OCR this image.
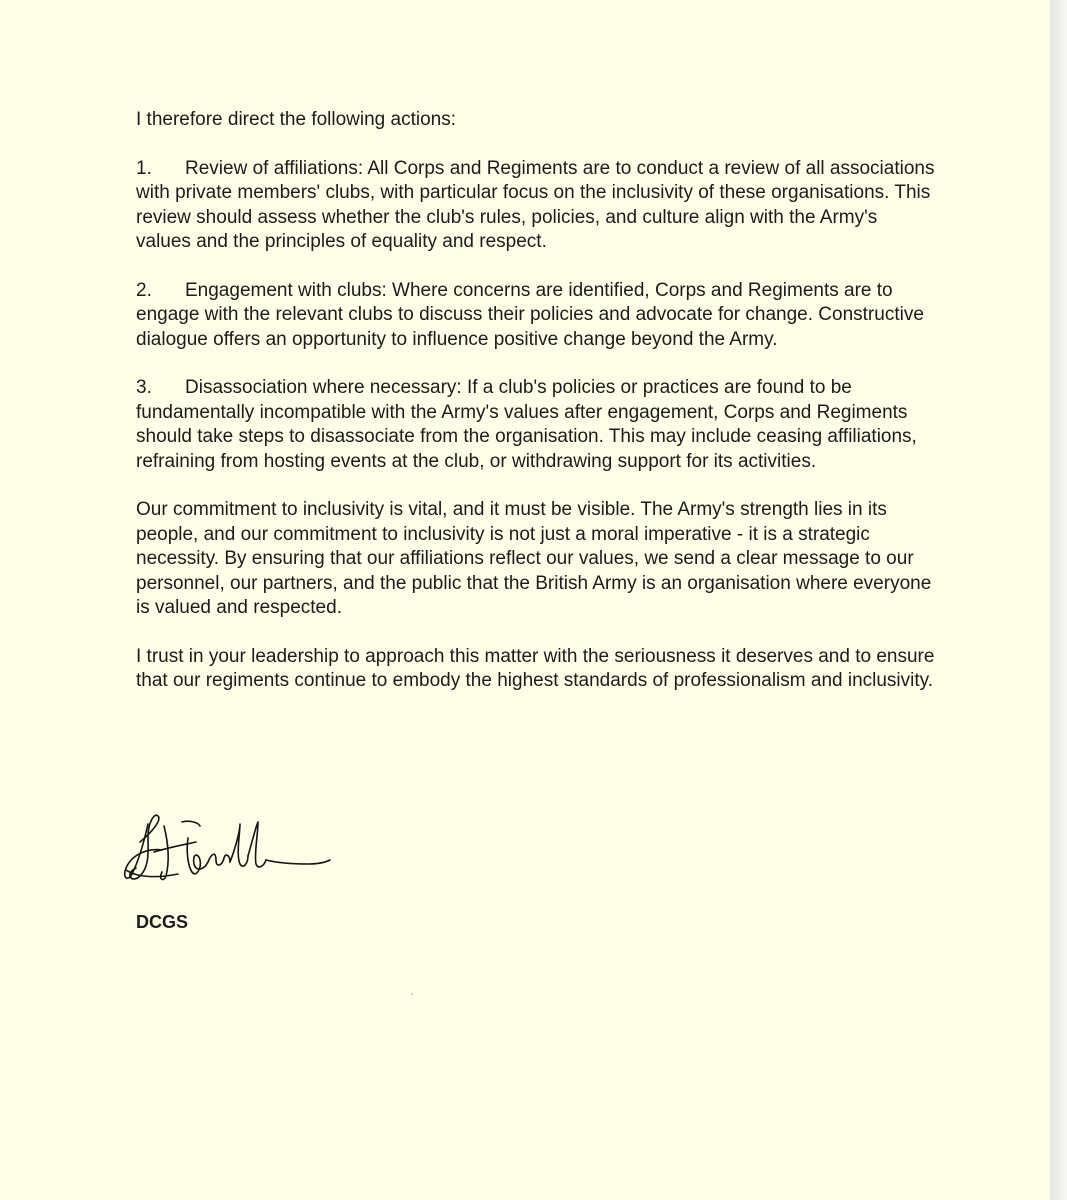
I therefore direct the following actions:

1. Review of affiliations: All Corps and Regiments are to conduct a review of all associations with private members' clubs, with particular focus on the inclusivity of these organisations. This review should assess whether the club's rules, policies, and culture align with the Army's values and the principles of equality and respect.

2. Engagement with clubs: Where concerns are identified, Corps and Regiments are to engage with the relevant clubs to discuss their policies and advocate for change. Constructive dialogue offers an opportunity to influence positive change beyond the Army.

3. Disassociation where necessary: If a club's policies or practices are found to be fundamentally incompatible with the Army's values after engagement, Corps and Regiments should take steps to disassociate from the organisation. This may include ceasing affiliations, refraining from hosting events at the club, or withdrawing support for its activities.

Our commitment to inclusivity is vital, and it must be visible. The Army's strength lies in its people, and our commitment to inclusivity is not just a moral imperative - it is a strategic necessity. By ensuring that our affiliations reflect our values, we send a clear message to our personnel, our partners, and the public that the British Army is an organisation where everyone is valued and respected.

I trust in your leadership to approach this matter with the seriousness it deserves and to ensure that our regiments continue to embody the highest standards of professionalism and inclusivity.

DCGS
